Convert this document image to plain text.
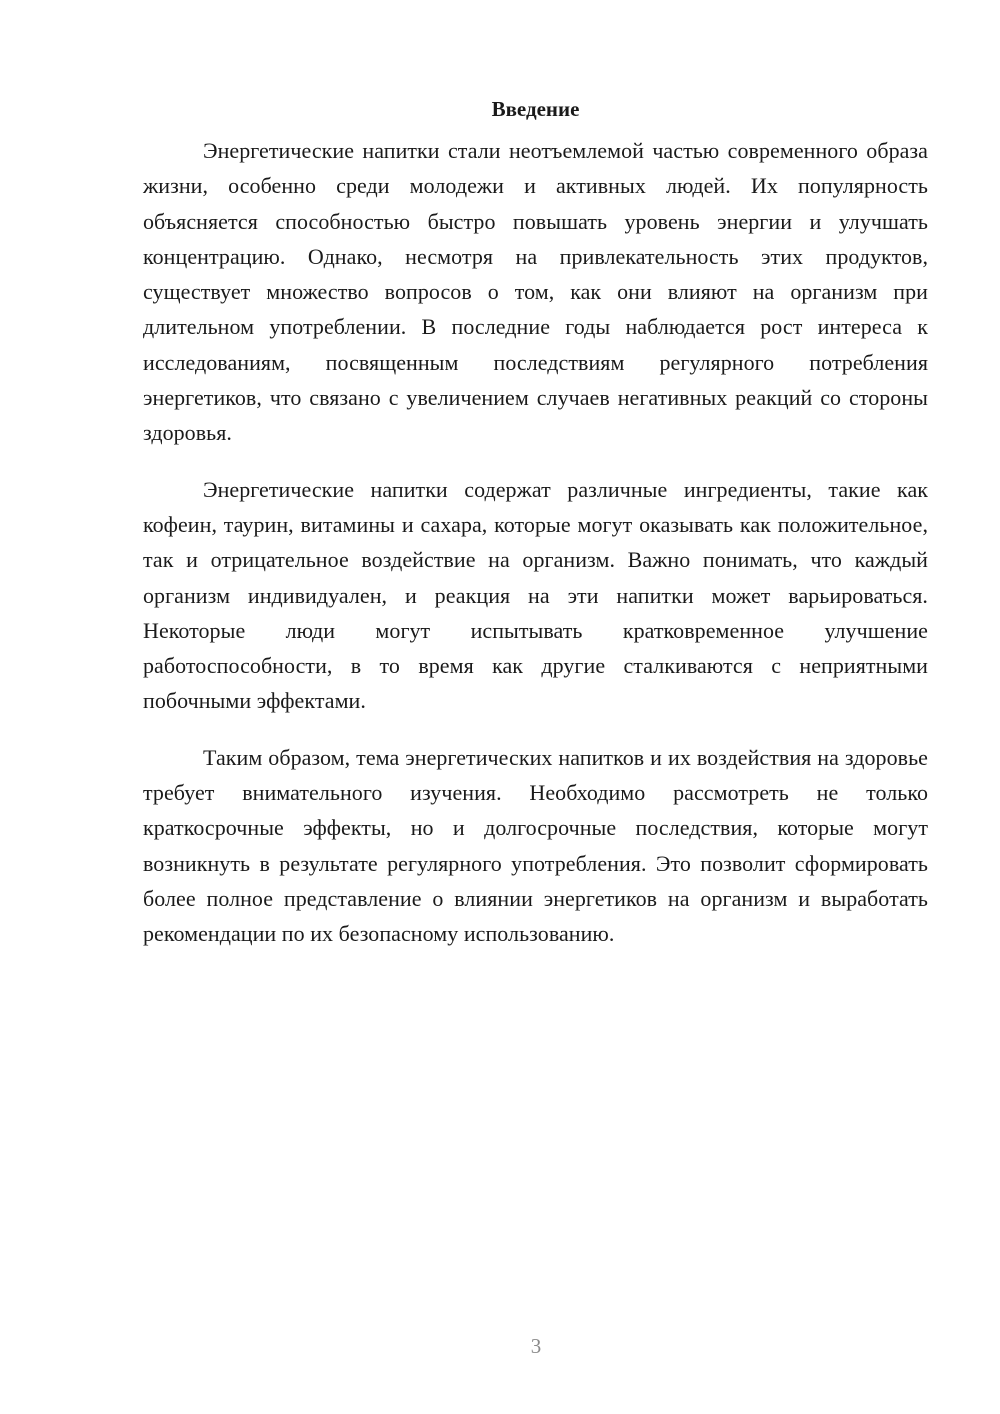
Введение

Энергетические напитки стали неотъемлемой частью современного образа жизни, особенно среди молодежи и активных людей. Их популярность объясняется способностью быстро повышать уровень энергии и улучшать концентрацию. Однако, несмотря на привлекательность этих продуктов, существует множество вопросов о том, как они влияют на организм при длительном употреблении. В последние годы наблюдается рост интереса к исследованиям, посвященным последствиям регулярного потребления энергетиков, что связано с увеличением случаев негативных реакций со стороны здоровья.

Энергетические напитки содержат различные ингредиенты, такие как кофеин, таурин, витамины и сахара, которые могут оказывать как положительное, так и отрицательное воздействие на организм. Важно понимать, что каждый организм индивидуален, и реакция на эти напитки может варьироваться. Некоторые люди могут испытывать кратковременное улучшение работоспособности, в то время как другие сталкиваются с неприятными побочными эффектами.

Таким образом, тема энергетических напитков и их воздействия на здоровье требует внимательного изучения. Необходимо рассмотреть не только краткосрочные эффекты, но и долгосрочные последствия, которые могут возникнуть в результате регулярного употребления. Это позволит сформировать более полное представление о влиянии энергетиков на организм и выработать рекомендации по их безопасному использованию.

3
